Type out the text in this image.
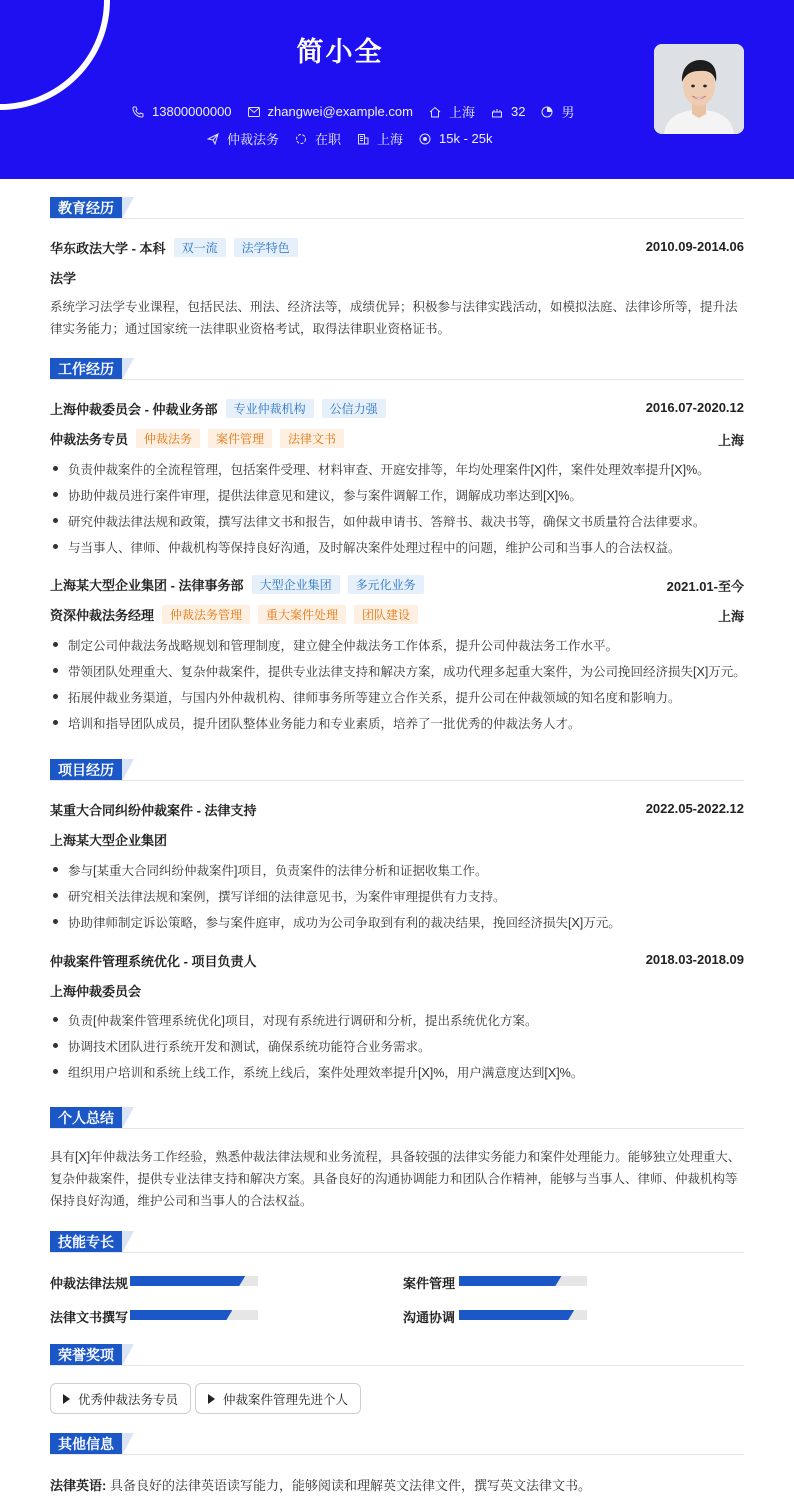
简小全
13800000000	zhangwei@example.com	上海	32	男
仲裁法务	在职	上海	15k - 25k
教育经历
华东政法大学 - 本科	双一流	法学特色	2010.09-2014.06
法学
系统学习法学专业课程，包括民法、刑法、经济法等，成绩优异；积极参与法律实践活动，如模拟法庭、法律诊所等，提升法律实务能力；通过国家统一法律职业资格考试，取得法律职业资格证书。
工作经历
上海仲裁委员会 - 仲裁业务部	专业仲裁机构	公信力强	2016.07-2020.12
仲裁法务专员	仲裁法务	案件管理	法律文书	上海
负责仲裁案件的全流程管理，包括案件受理、材料审查、开庭安排等，年均处理案件[X]件，案件处理效率提升[X]%。
协助仲裁员进行案件审理，提供法律意见和建议，参与案件调解工作，调解成功率达到[X]%。
研究仲裁法律法规和政策，撰写法律文书和报告，如仲裁申请书、答辩书、裁决书等，确保文书质量符合法律要求。
与当事人、律师、仲裁机构等保持良好沟通，及时解决案件处理过程中的问题，维护公司和当事人的合法权益。
上海某大型企业集团 - 法律事务部	大型企业集团	多元化业务	2021.01-至今
资深仲裁法务经理	仲裁法务管理	重大案件处理	团队建设	上海
制定公司仲裁法务战略规划和管理制度，建立健全仲裁法务工作体系，提升公司仲裁法务工作水平。
带领团队处理重大、复杂仲裁案件，提供专业法律支持和解决方案，成功代理多起重大案件，为公司挽回经济损失[X]万元。
拓展仲裁业务渠道，与国内外仲裁机构、律师事务所等建立合作关系，提升公司在仲裁领域的知名度和影响力。
培训和指导团队成员，提升团队整体业务能力和专业素质，培养了一批优秀的仲裁法务人才。
项目经历
某重大合同纠纷仲裁案件 - 法律支持	2022.05-2022.12
上海某大型企业集团
参与[某重大合同纠纷仲裁案件]项目，负责案件的法律分析和证据收集工作。
研究相关法律法规和案例，撰写详细的法律意见书，为案件审理提供有力支持。
协助律师制定诉讼策略，参与案件庭审，成功为公司争取到有利的裁决结果，挽回经济损失[X]万元。
仲裁案件管理系统优化 - 项目负责人	2018.03-2018.09
上海仲裁委员会
负责[仲裁案件管理系统优化]项目，对现有系统进行调研和分析，提出系统优化方案。
协调技术团队进行系统开发和测试，确保系统功能符合业务需求。
组织用户培训和系统上线工作，系统上线后，案件处理效率提升[X]%，用户满意度达到[X]%。
个人总结
具有[X]年仲裁法务工作经验，熟悉仲裁法律法规和业务流程，具备较强的法律实务能力和案件处理能力。能够独立处理重大、复杂仲裁案件，提供专业法律支持和解决方案。具备良好的沟通协调能力和团队合作精神，能够与当事人、律师、仲裁机构等保持良好沟通，维护公司和当事人的合法权益。
技能专长
仲裁法律法规	案件管理
法律文书撰写	沟通协调
荣誉奖项
优秀仲裁法务专员	仲裁案件管理先进个人
其他信息
法律英语: 具备良好的法律英语读写能力，能够阅读和理解英文法律文件，撰写英文法律文书。
